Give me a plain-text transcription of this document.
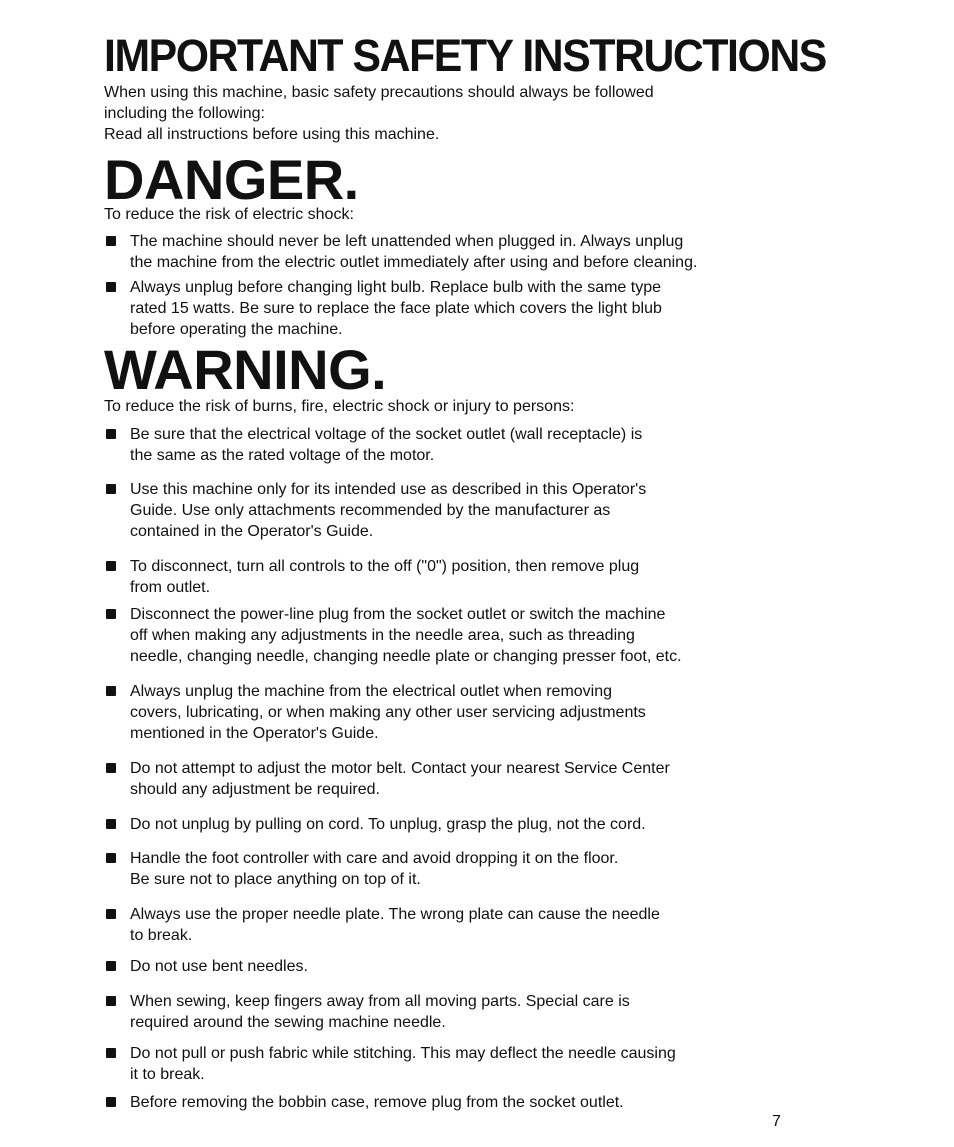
IMPORTANT SAFETY INSTRUCTIONS

When using this machine, basic safety precautions should always be followed
including the following:
Read all instructions before using this machine.

DANGER.

To reduce the risk of electric shock:

The machine should never be left unattended when plugged in. Always unplug
the machine from the electric outlet immediately after using and before cleaning.
Always unplug before changing light bulb. Replace bulb with the same type
rated 15 watts. Be sure to replace the face plate which covers the light blub
before operating the machine.
WARNING.

To reduce the risk of burns, fire, electric shock or injury to persons:

Be sure that the electrical voltage of the socket outlet (wall receptacle) is
the same as the rated voltage of the motor.
Use this machine only for its intended use as described in this Operator's
Guide. Use only attachments recommended by the manufacturer as
contained in the Operator's Guide.
To disconnect, turn all controls to the off ("0") position, then remove plug
from outlet.
Disconnect the power-line plug from the socket outlet or switch the machine
off when making any adjustments in the needle area, such as threading
needle, changing needle, changing needle plate or changing presser foot, etc.
Always unplug the machine from the electrical outlet when removing
covers, lubricating, or when making any other user servicing adjustments
mentioned in the Operator's Guide.
Do not attempt to adjust the motor belt. Contact your nearest Service Center
should any adjustment be required.
Do not unplug by pulling on cord. To unplug, grasp the plug, not the cord.
Handle the foot controller with care and avoid dropping it on the floor.
Be sure not to place anything on top of it.
Always use the proper needle plate. The wrong plate can cause the needle
to break.
Do not use bent needles.
When sewing, keep fingers away from all moving parts. Special care is
required around the sewing machine needle.
Do not pull or push fabric while stitching. This may deflect the needle causing
it to break.
Before removing the bobbin case, remove plug from the socket outlet.
7
